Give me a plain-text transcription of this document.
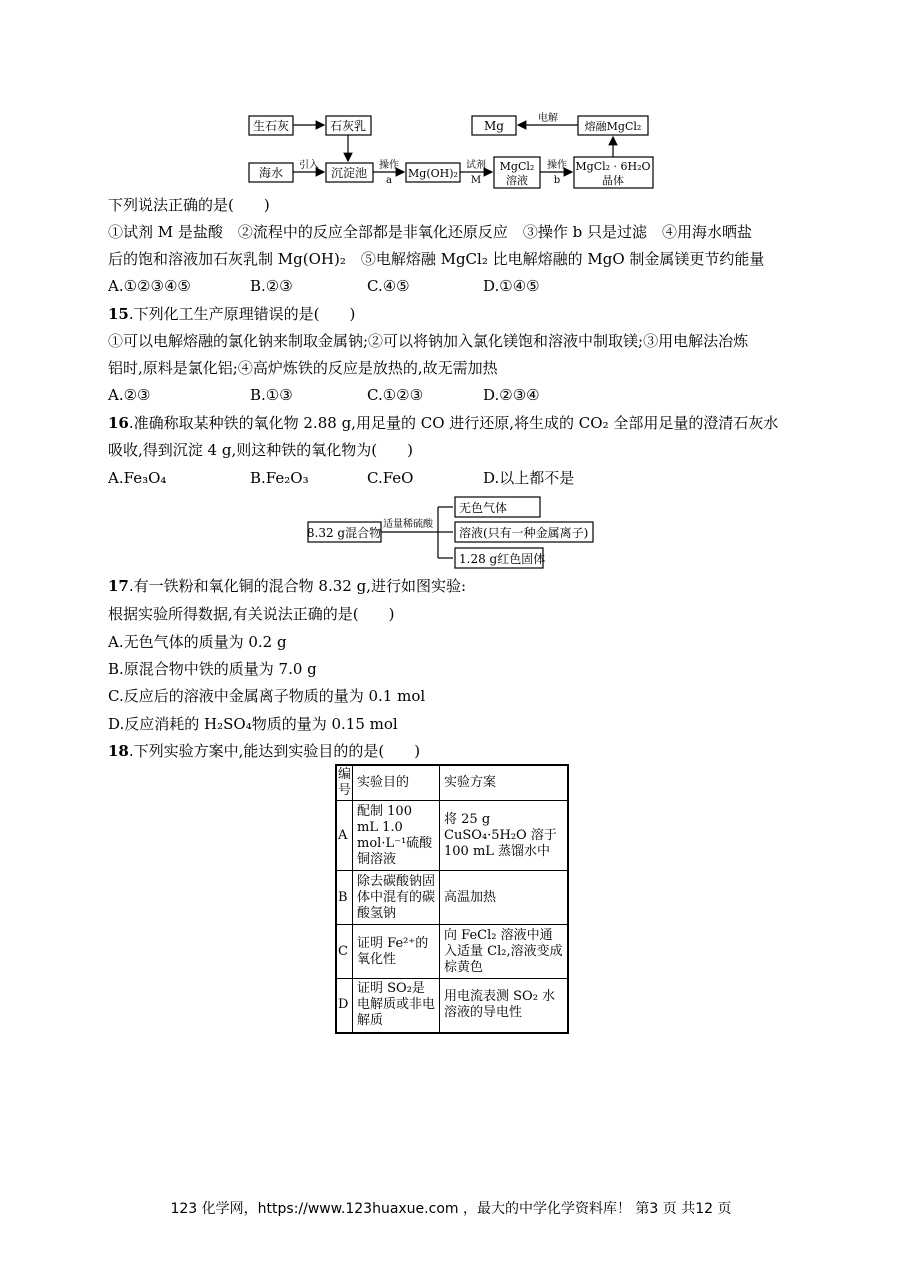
生石灰	石灰乳
海水
引入
沉淀池
操作
a
Mg(OH)₂
试剂
M
MgCl₂
溶液
操作
b
MgCl₂ · 6H₂O
晶体
Mg
电解
熔融MgCl₂
下列说法正确的是(　　)
①试剂 M 是盐酸　②流程中的反应全部都是非氧化还原反应　③操作 b 只是过滤　④用海水晒盐
后的饱和溶液加石灰乳制 Mg(OH)₂　⑤电解熔融 MgCl₂ 比电解熔融的 MgO 制金属镁更节约能量
A.①②③④⑤	B.②③	C.④⑤	D.①④⑤
15.下列化工生产原理错误的是(　　)
①可以电解熔融的氯化钠来制取金属钠;②可以将钠加入氯化镁饱和溶液中制取镁;③用电解法冶炼
铝时,原料是氯化铝;④高炉炼铁的反应是放热的,故无需加热
A.②③	B.①③	C.①②③	D.②③④
16.准确称取某种铁的氧化物 2.88 g,用足量的 CO 进行还原,将生成的 CO₂ 全部用足量的澄清石灰水
吸收,得到沉淀 4 g,则这种铁的氧化物为(　　)
A.Fe₃O₄	B.Fe₂O₃	C.FeO	D.以上都不是
8.32 g混合物
适量稀硫酸
无色气体
溶液(只有一种金属离子)
1.28 g红色固体
17.有一铁粉和氧化铜的混合物 8.32 g,进行如图实验:
根据实验所得数据,有关说法正确的是(　　)
A.无色气体的质量为 0.2 g
B.原混合物中铁的质量为 7.0 g
C.反应后的溶液中金属离子物质的量为 0.1 mol
D.反应消耗的 H₂SO₄物质的量为 0.15 mol
18.下列实验方案中,能达到实验目的的是(　　)
编号	实验目的	实验方案
A	配制 100 mL 1.0 mol·L⁻¹硫酸铜溶液	将 25 g CuSO₄·5H₂O 溶于 100 mL 蒸馏水中
B	除去碳酸钠固体中混有的碳酸氢钠	高温加热
C	证明 Fe²⁺的氧化性	向 FeCl₂ 溶液中通入适量 Cl₂,溶液变成棕黄色
D	证明 SO₂是电解质或非电解质	用电流表测 SO₂ 水溶液的导电性
123 化学网，https://www.123huaxue.com ，最大的中学化学资料库！ 第3 页 共12 页
